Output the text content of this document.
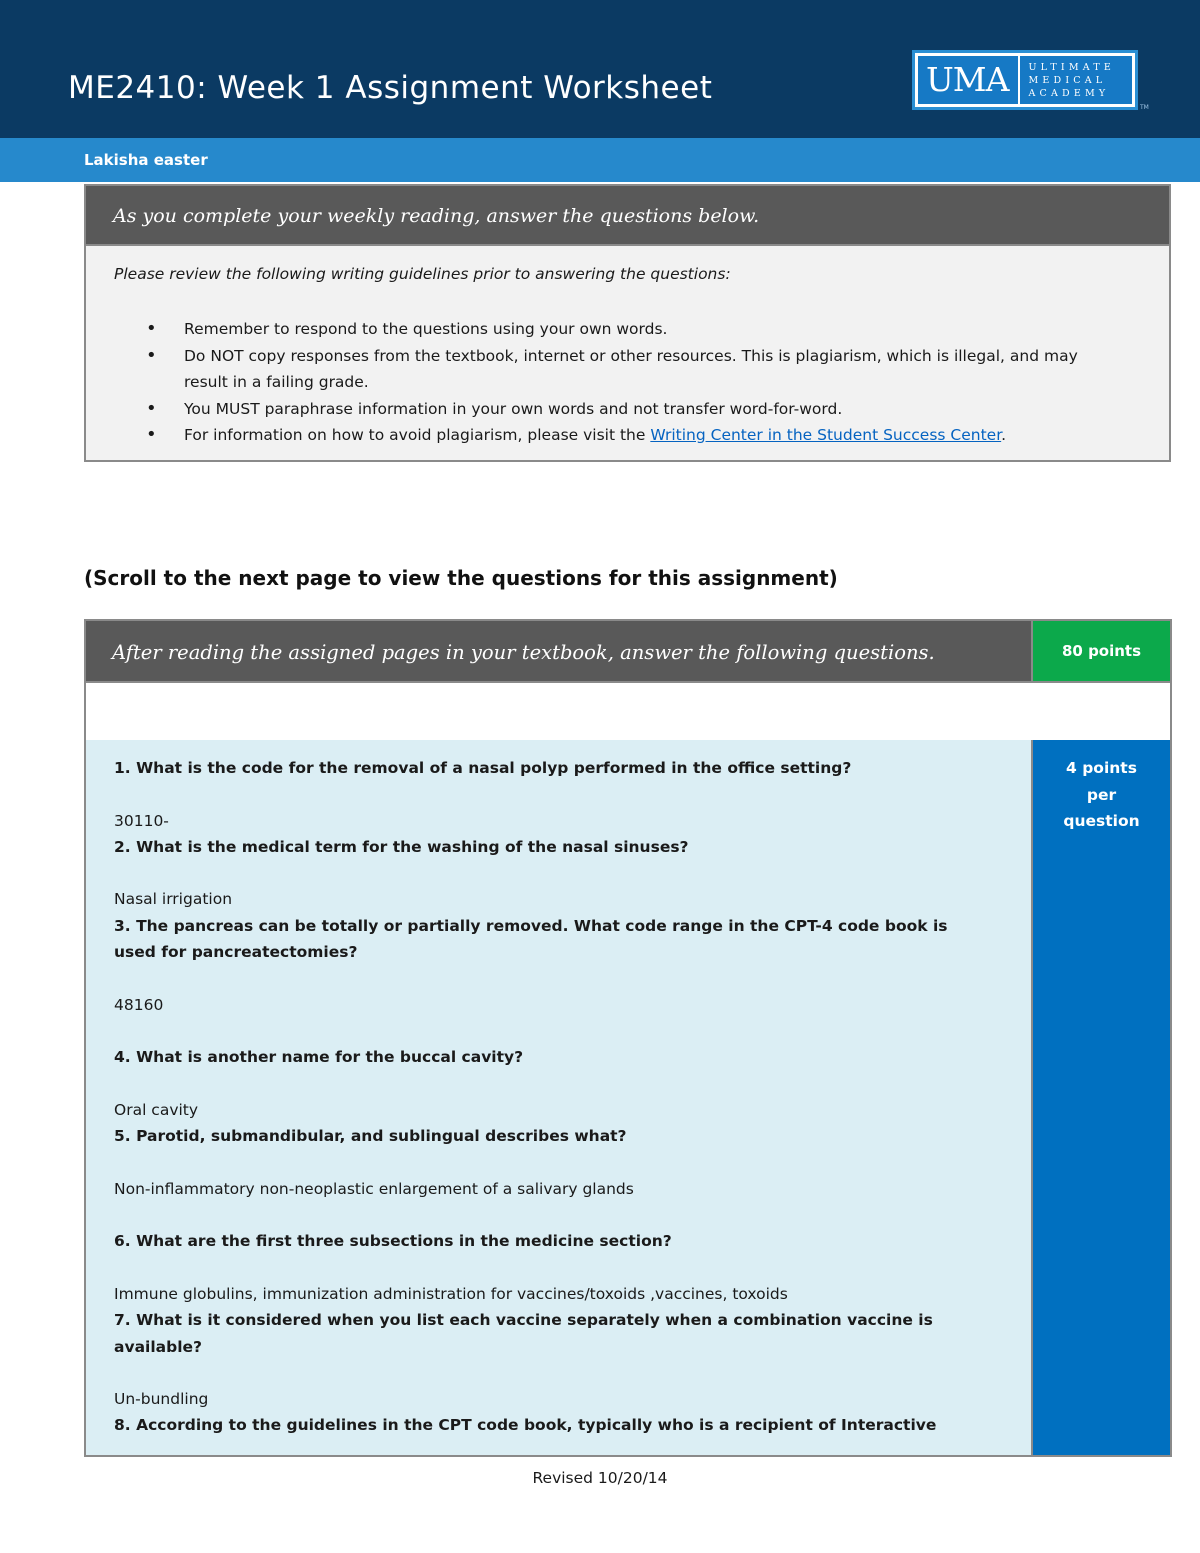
ME2410: Week 1 Assignment Worksheet	UMA	ULTIMATE
MEDICAL
ACADEMY
TM
Lakisha easter
As you complete your weekly reading, answer the questions below.
Please review the following writing guidelines prior to answering the questions:
• Remember to respond to the questions using your own words.
• Do NOT copy responses from the textbook, internet or other resources. This is plagiarism, which is illegal, and may result in a failing grade.
• You MUST paraphrase information in your own words and not transfer word-for-word.
• For information on how to avoid plagiarism, please visit the Writing Center in the Student Success Center.
(Scroll to the next page to view the questions for this assignment)
After reading the assigned pages in your textbook, answer the following questions.	80 points
1. What is the code for the removal of a nasal polyp performed in the office setting?
30110-
2. What is the medical term for the washing of the nasal sinuses?
Nasal irrigation
3. The pancreas can be totally or partially removed. What code range in the CPT-4 code book is used for pancreatectomies?
48160
4. What is another name for the buccal cavity?
Oral cavity
5. Parotid, submandibular, and sublingual describes what?
Non-inflammatory non-neoplastic enlargement of a salivary glands
6. What are the first three subsections in the medicine section?
Immune globulins, immunization administration for vaccines/toxoids ,vaccines, toxoids
7. What is it considered when you list each vaccine separately when a combination vaccine is available?
Un-bundling
8. According to the guidelines in the CPT code book, typically who is a recipient of Interactive
4 points
per
question
Revised 10/20/14
